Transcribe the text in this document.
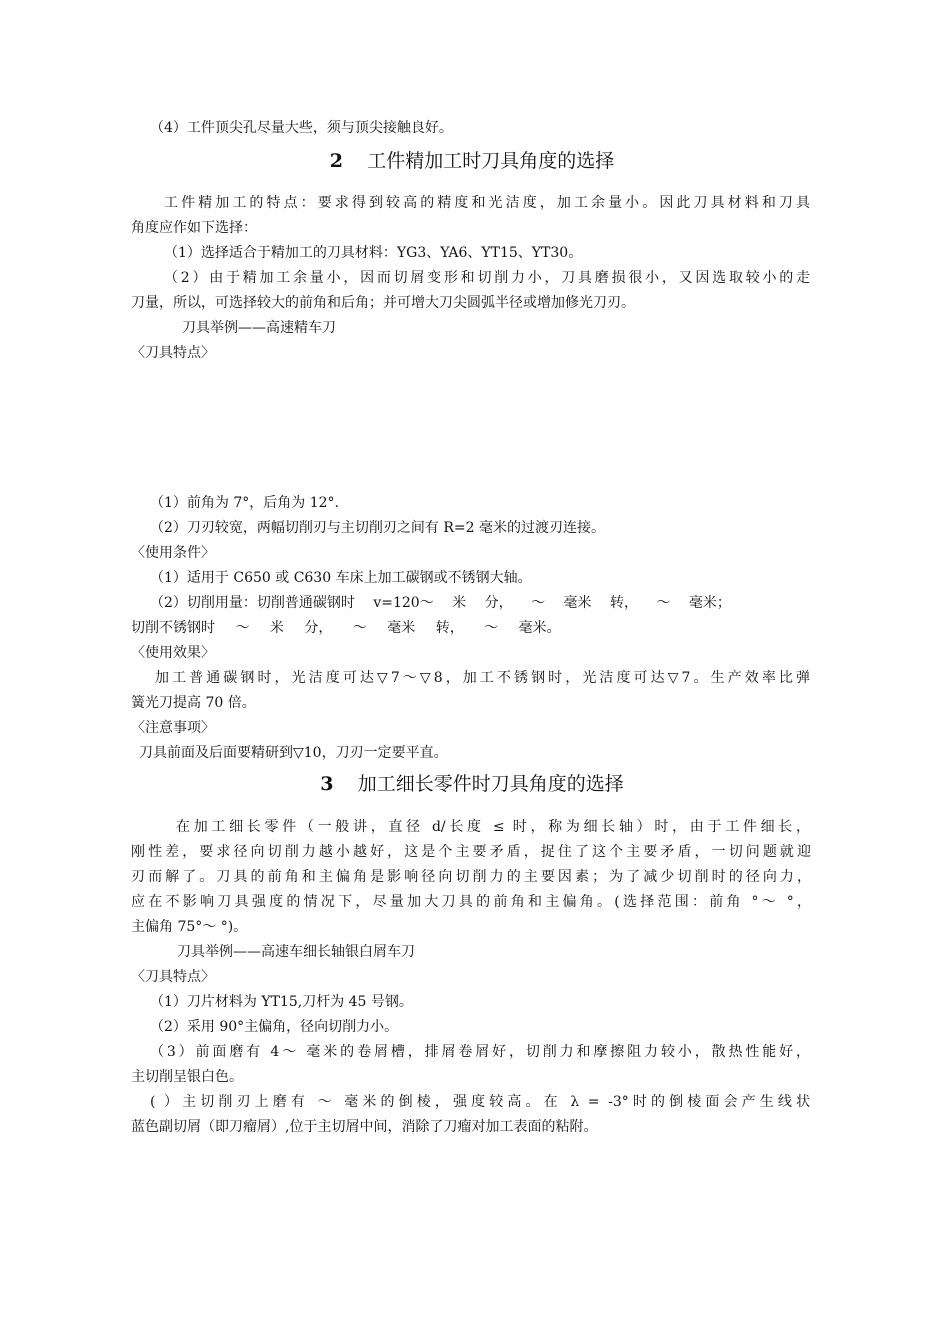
（4）工件顶尖孔尽量大些，须与顶尖接触良好。
2 工件精加工时刀具角度的选择
工件精加工的特点：要求得到较高的精度和光洁度，加工余量小。因此刀具材料和刀具
角度应作如下选择：
（1）选择适合于精加工的刀具材料：YG3、YA6、YT15、YT30。
（2）由于精加工余量小，因而切屑变形和切削力小，刀具磨损很小，又因选取较小的走
刀量，所以，可选择较大的前角和后角；并可增大刀尖圆弧半径或增加修光刀刃。
刀具举例——高速精车刀
〈刀具特点〉
（1）前角为 7°，后角为 12°.
（2）刀刃较宽，两幅切削刃与主切削刃之间有 R=2 毫米的过渡刃连接。
〈使用条件〉
（1）适用于 C650 或 C630 车床上加工碳钢或不锈钢大轴。
（2）切削用量：切削普通碳钢时 v=120～ 米 分， ～ 毫米 转， ～ 毫米；
切削不锈钢时 ～ 米 分， ～ 毫米 转， ～ 毫米。
〈使用效果〉
加工普通碳钢时，光洁度可达▽7～▽8，加工不锈钢时，光洁度可达▽7。生产效率比弹
簧光刀提高 70 倍。
〈注意事项〉
刀具前面及后面要精研到▽10，刀刃一定要平直。
3 加工细长零件时刀具角度的选择
在加工细长零件（一般讲，直径 d/长度 ≤ 时，称为细长轴）时，由于工件细长，
刚性差，要求径向切削力越小越好，这是个主要矛盾，捉住了这个主要矛盾，一切问题就迎
刃而解了。刀具的前角和主偏角是影响径向切削力的主要因素；为了减少切削时的径向力，
应在不影响刀具强度的情况下，尽量加大刀具的前角和主偏角。(选择范围：前角 °～ °，
主偏角 75°～ °)。
刀具举例——高速车细长轴银白屑车刀
〈刀具特点〉
（1）刀片材料为 YT15,刀杆为 45 号钢。
（2）采用 90°主偏角，径向切削力小。
（3）前面磨有 4～ 毫米的卷屑槽，排屑卷屑好，切削力和摩擦阻力较小，散热性能好，
主切削呈银白色。
( ）主切削刃上磨有 ～ 毫米的倒棱，强度较高。在 λ = -3°时的倒棱面会产生线状
蓝色副切屑（即刀瘤屑）,位于主切屑中间，消除了刀瘤对加工表面的粘附。
